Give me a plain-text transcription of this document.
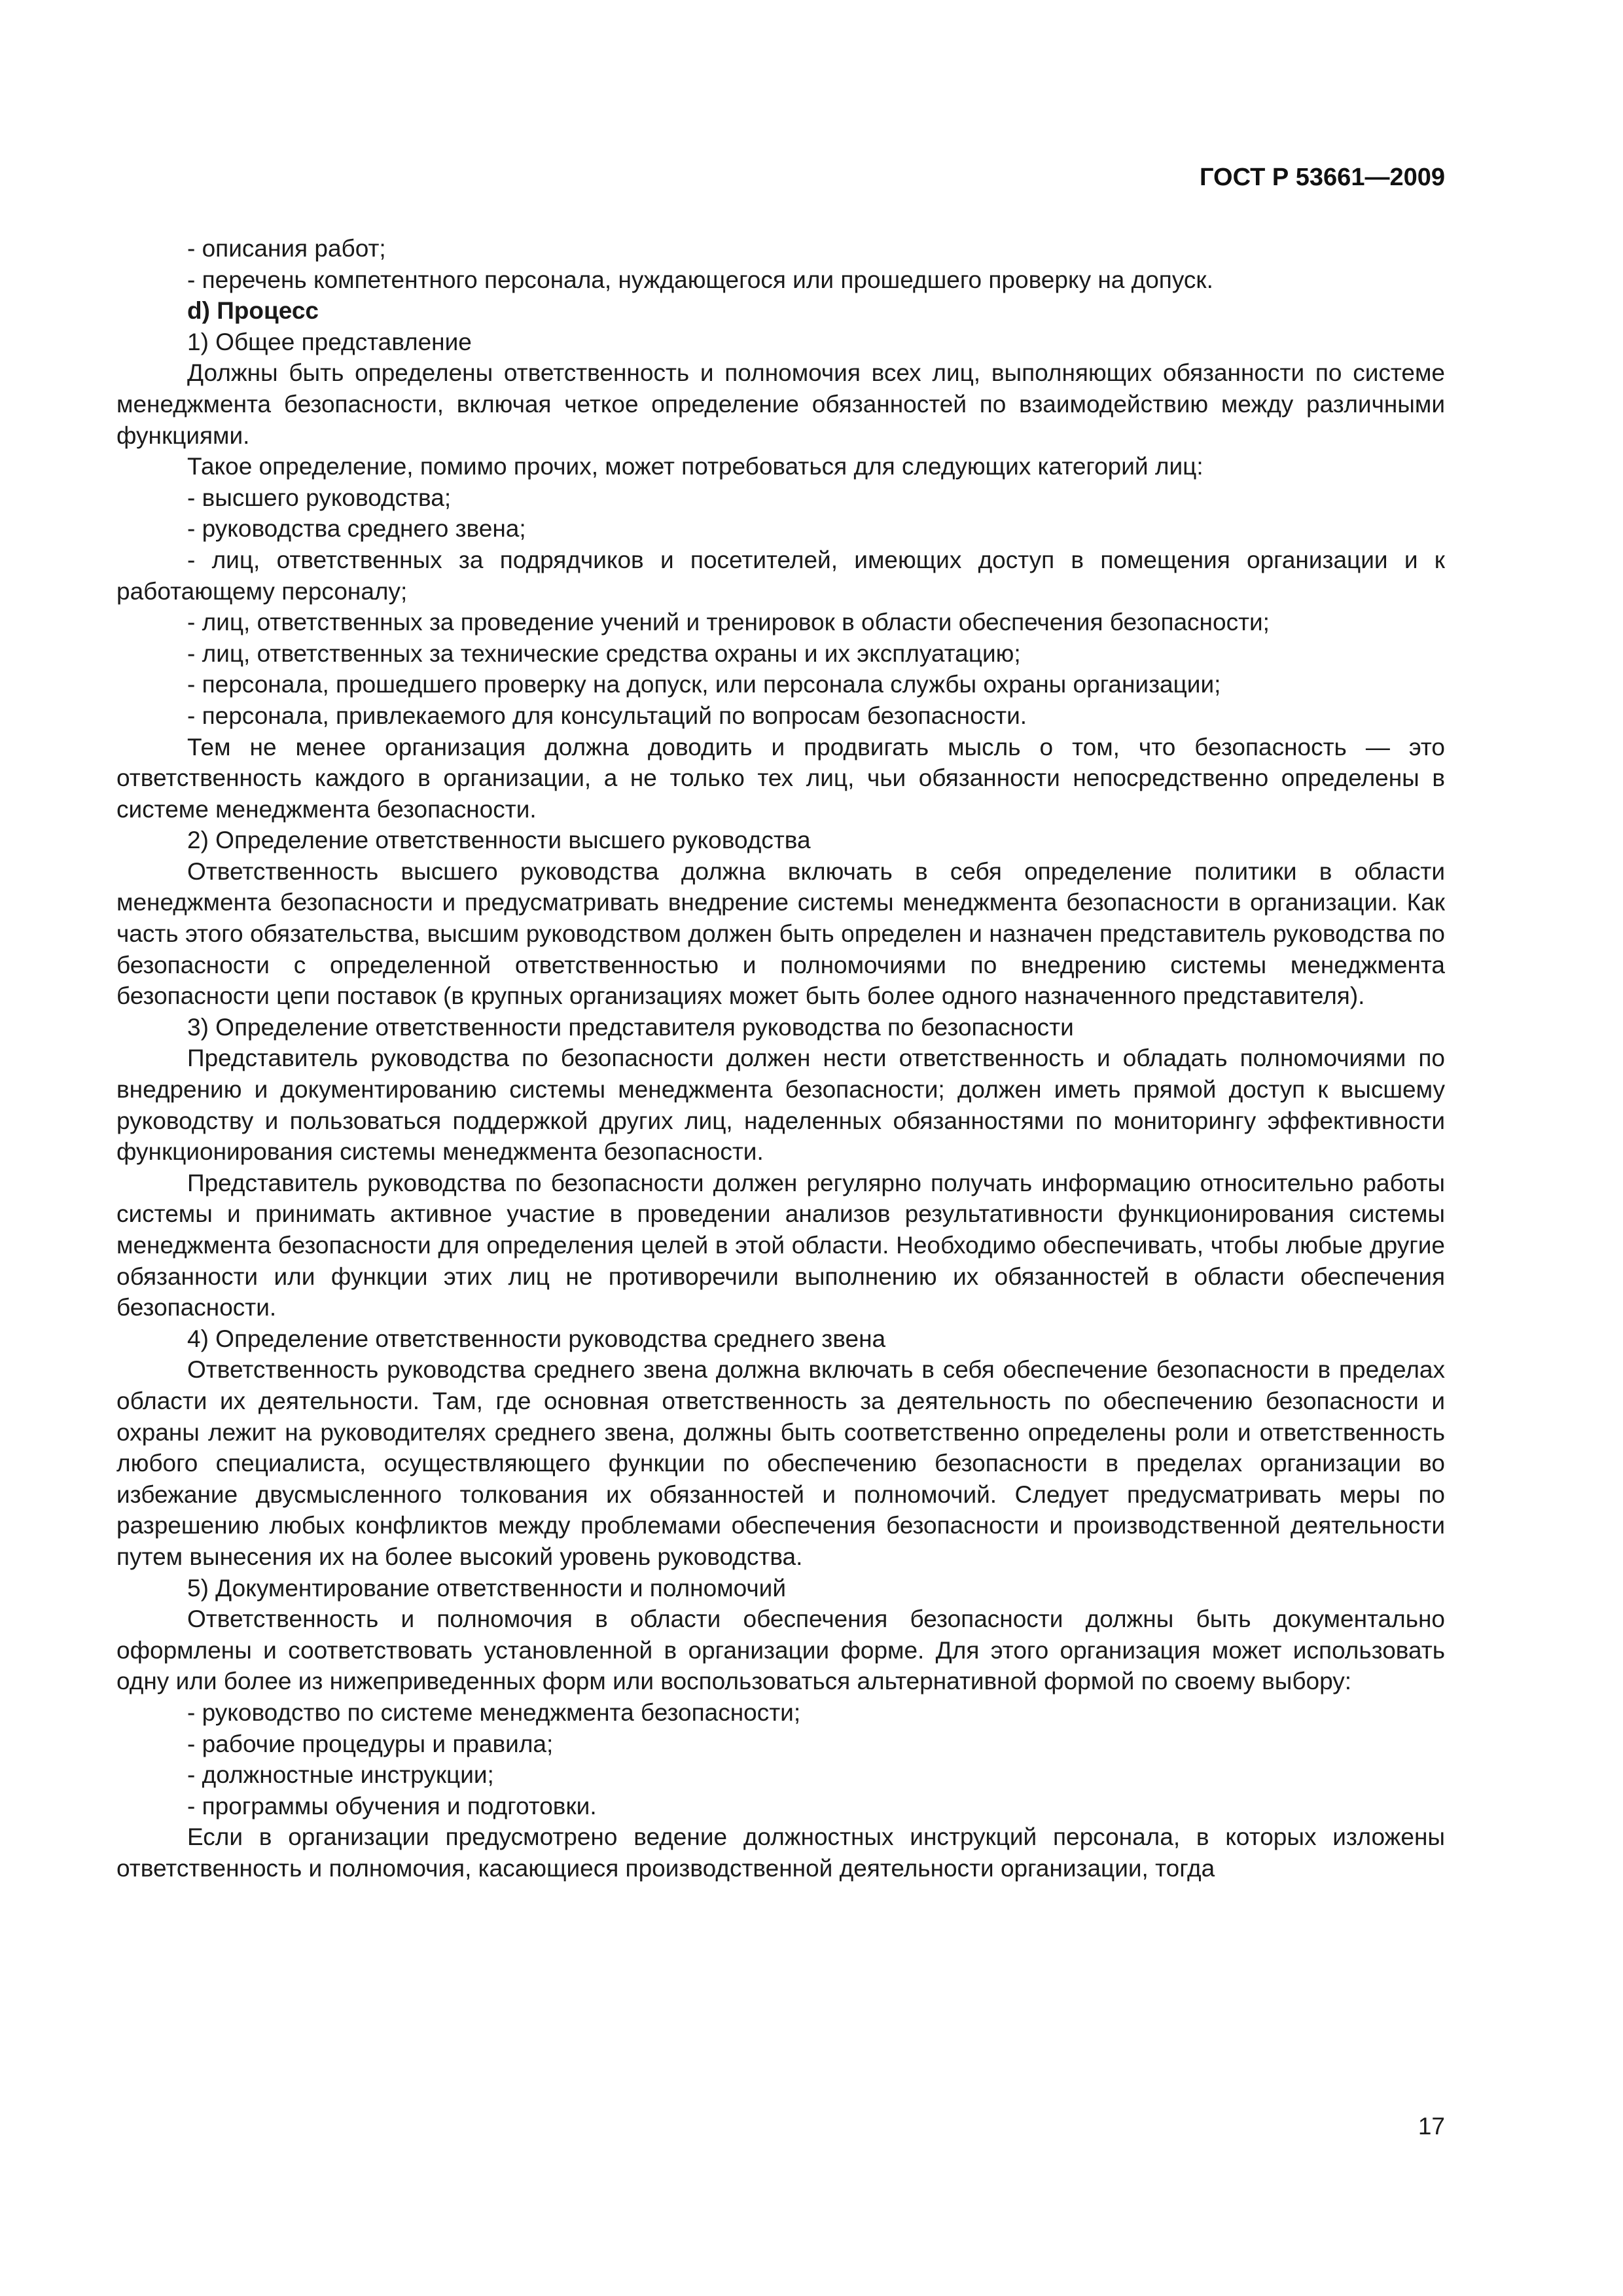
ГОСТ Р 53661—2009

- описания работ;

- перечень компетентного персонала, нуждающегося или прошедшего проверку на допуск.

d) Процесс

1) Общее представление

Должны быть определены ответственность и полномочия всех лиц, выполняющих обязанности по системе менеджмента безопасности, включая четкое определение обязанностей по взаимодействию между различными функциями.

Такое определение, помимо прочих, может потребоваться для следующих категорий лиц:

- высшего руководства;

- руководства среднего звена;

- лиц, ответственных за подрядчиков и посетителей, имеющих доступ в помещения организации и к работающему персоналу;

- лиц, ответственных за проведение учений и тренировок в области обеспечения безопасности;

- лиц, ответственных за технические средства охраны и их эксплуатацию;

- персонала, прошедшего проверку на допуск, или персонала службы охраны организации;

- персонала, привлекаемого для консультаций по вопросам безопасности.

Тем не менее организация должна доводить и продвигать мысль о том, что безопасность — это ответственность каждого в организации, а не только тех лиц, чьи обязанности непосредственно определены в системе менеджмента безопасности.

2) Определение ответственности высшего руководства

Ответственность высшего руководства должна включать в себя определение политики в области менеджмента безопасности и предусматривать внедрение системы менеджмента безопасности в организации. Как часть этого обязательства, высшим руководством должен быть определен и назначен представитель руководства по безопасности с определенной ответственностью и полномочиями по внедрению системы менеджмента безопасности цепи поставок (в крупных организациях может быть более одного назначенного представителя).

3) Определение ответственности представителя руководства по безопасности

Представитель руководства по безопасности должен нести ответственность и обладать полномочиями по внедрению и документированию системы менеджмента безопасности; должен иметь прямой доступ к высшему руководству и пользоваться поддержкой других лиц, наделенных обязанностями по мониторингу эффективности функционирования системы менеджмента безопасности.

Представитель руководства по безопасности должен регулярно получать информацию относительно работы системы и принимать активное участие в проведении анализов результативности функционирования системы менеджмента безопасности для определения целей в этой области. Необходимо обеспечивать, чтобы любые другие обязанности или функции этих лиц не противоречили выполнению их обязанностей в области обеспечения безопасности.

4) Определение ответственности руководства среднего звена

Ответственность руководства среднего звена должна включать в себя обеспечение безопасности в пределах области их деятельности. Там, где основная ответственность за деятельность по обеспечению безопасности и охраны лежит на руководителях среднего звена, должны быть соответственно определены роли и ответственность любого специалиста, осуществляющего функции по обеспечению безопасности в пределах организации во избежание двусмысленного толкования их обязанностей и полномочий. Следует предусматривать меры по разрешению любых конфликтов между проблемами обеспечения безопасности и производственной деятельности путем вынесения их на более высокий уровень руководства.

5) Документирование ответственности и полномочий

Ответственность и полномочия в области обеспечения безопасности должны быть документально оформлены и соответствовать установленной в организации форме. Для этого организация может использовать одну или более из нижеприведенных форм или воспользоваться альтернативной формой по своему выбору:

- руководство по системе менеджмента безопасности;

- рабочие процедуры и правила;

- должностные инструкции;

- программы обучения и подготовки.

Если в организации предусмотрено ведение должностных инструкций персонала, в которых изложены ответственность и полномочия, касающиеся производственной деятельности организации, тогда

17
